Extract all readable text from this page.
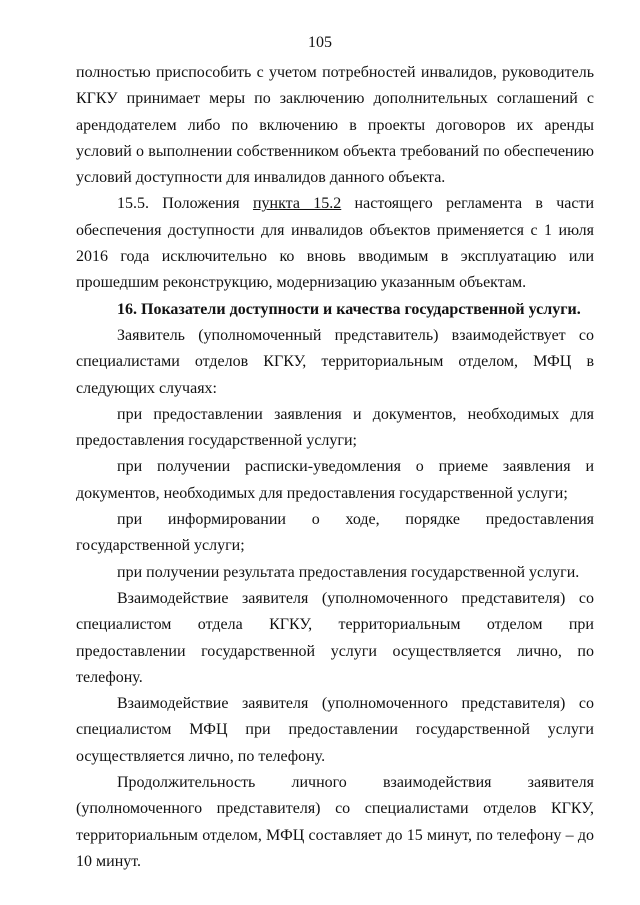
105

полностью приспособить с учетом потребностей инвалидов, руководитель КГКУ принимает меры по заключению дополнительных соглашений с арендодателем либо по включению в проекты договоров их аренды условий о выполнении собственником объекта требований по обеспечению условий доступности для инвалидов данного объекта.

15.5. Положения пункта 15.2 настоящего регламента в части обеспечения доступности для инвалидов объектов применяется с 1 июля 2016 года исключительно ко вновь вводимым в эксплуатацию или прошедшим реконструкцию, модернизацию указанным объектам.

16. Показатели доступности и качества государственной услуги.

Заявитель (уполномоченный представитель) взаимодействует со специалистами отделов КГКУ, территориальным отделом, МФЦ в следующих случаях:

при предоставлении заявления и документов, необходимых для предоставления государственной услуги;

при получении расписки-уведомления о приеме заявления и документов, необходимых для предоставления государственной услуги;

при информировании о ходе, порядке предоставления государственной услуги;

при получении результата предоставления государственной услуги.

Взаимодействие заявителя (уполномоченного представителя) со специалистом отдела КГКУ, территориальным отделом при предоставлении государственной услуги осуществляется лично, по телефону.

Взаимодействие заявителя (уполномоченного представителя) со специалистом МФЦ при предоставлении государственной услуги осуществляется лично, по телефону.

Продолжительность личного взаимодействия заявителя (уполномоченного представителя) со специалистами отделов КГКУ, территориальным отделом, МФЦ составляет до 15 минут, по телефону – до 10 минут.
